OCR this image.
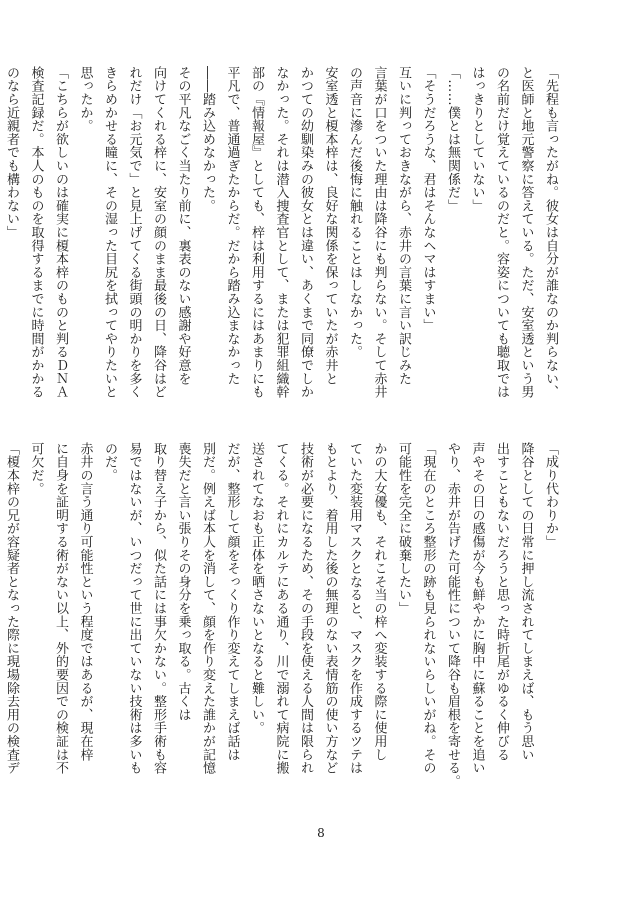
「先程も言ったがね。彼女は自分が誰なのか判らない、

と医師と地元警察に答えている。ただ、安室透という男

の名前だけ覚えているのだと。容姿についても聴取では

はっきりとしていない」

「……僕とは無関係だ」

「そうだろうな、君はそんなヘマはすまい」

互いに判っておきながら、赤井の言葉に言い訳じみた

言葉が口をついた理由は降谷にも判らない。そして赤井

の声音に滲んだ後悔に触れることはしなかった。

安室透と榎本梓は、良好な関係を保っていたが赤井と

かつての幼馴染みの彼女とは違い、あくまで同僚でしか

なかった。それは潜入捜査官として、または犯罪組織幹

部の『情報屋』としても、梓は利用するにはあまりにも

平凡で、普通過ぎたからだ。だから踏み込まなかった

――踏み込めなかった。

その平凡なごく当たり前に、裏表のない感謝や好意を

向けてくれる梓に、安室の顔のまま最後の日、降谷はど

れだけ「お元気で」と見上げてくる街頭の明かりを多く

きらめかせる瞳に、その湿った目尻を拭ってやりたいと

思ったか。

「こちらが欲しいのは確実に榎本梓のものと判るＤＮＡ

検査記録だ。本人のものを取得するまでに時間がかかる

のなら近親者でも構わない」

「成り代わりか」

降谷としての日常に押し流されてしまえば、もう思い

出すこともないだろうと思った時折尾がゆるく伸びる

声やその日の感傷が今も鮮やかに胸中に蘇ることを追い

やり、赤井が告げた可能性について降谷も眉根を寄せる。

「現在のところ整形の跡も見られないらしいがね。その

可能性を完全に破棄したい」

かの大女優も、それこそ当の梓へ変装する際に使用し

ていた変装用マスクとなると、マスクを作成するツテは

もとより、着用した後の無理のない表情筋の使い方など

技術が必要になるため、その手段を使える人間は限られ

てくる。それにカルテにある通り、川で溺れて病院に搬

送されてなおも正体を晒さないとなると難しい。

だが、整形して顔をそっくり作り変えてしまえば話は

別だ。例えば本人を消して、顔を作り変えた誰かが記憶

喪失だと言い張りその身分を乗っ取る。古くは

取り替え子から、似た話には事欠かない。整形手術も容

易ではないが、いつだって世に出ていない技術は多いも

のだ。

赤井の言う通り可能性という程度ではあるが、現在梓

に自身を証明する術がない以上、外的要因での検証は不

可欠だ。

「榎本梓の兄が容疑者となった際に現場除去用の検査デ

8
